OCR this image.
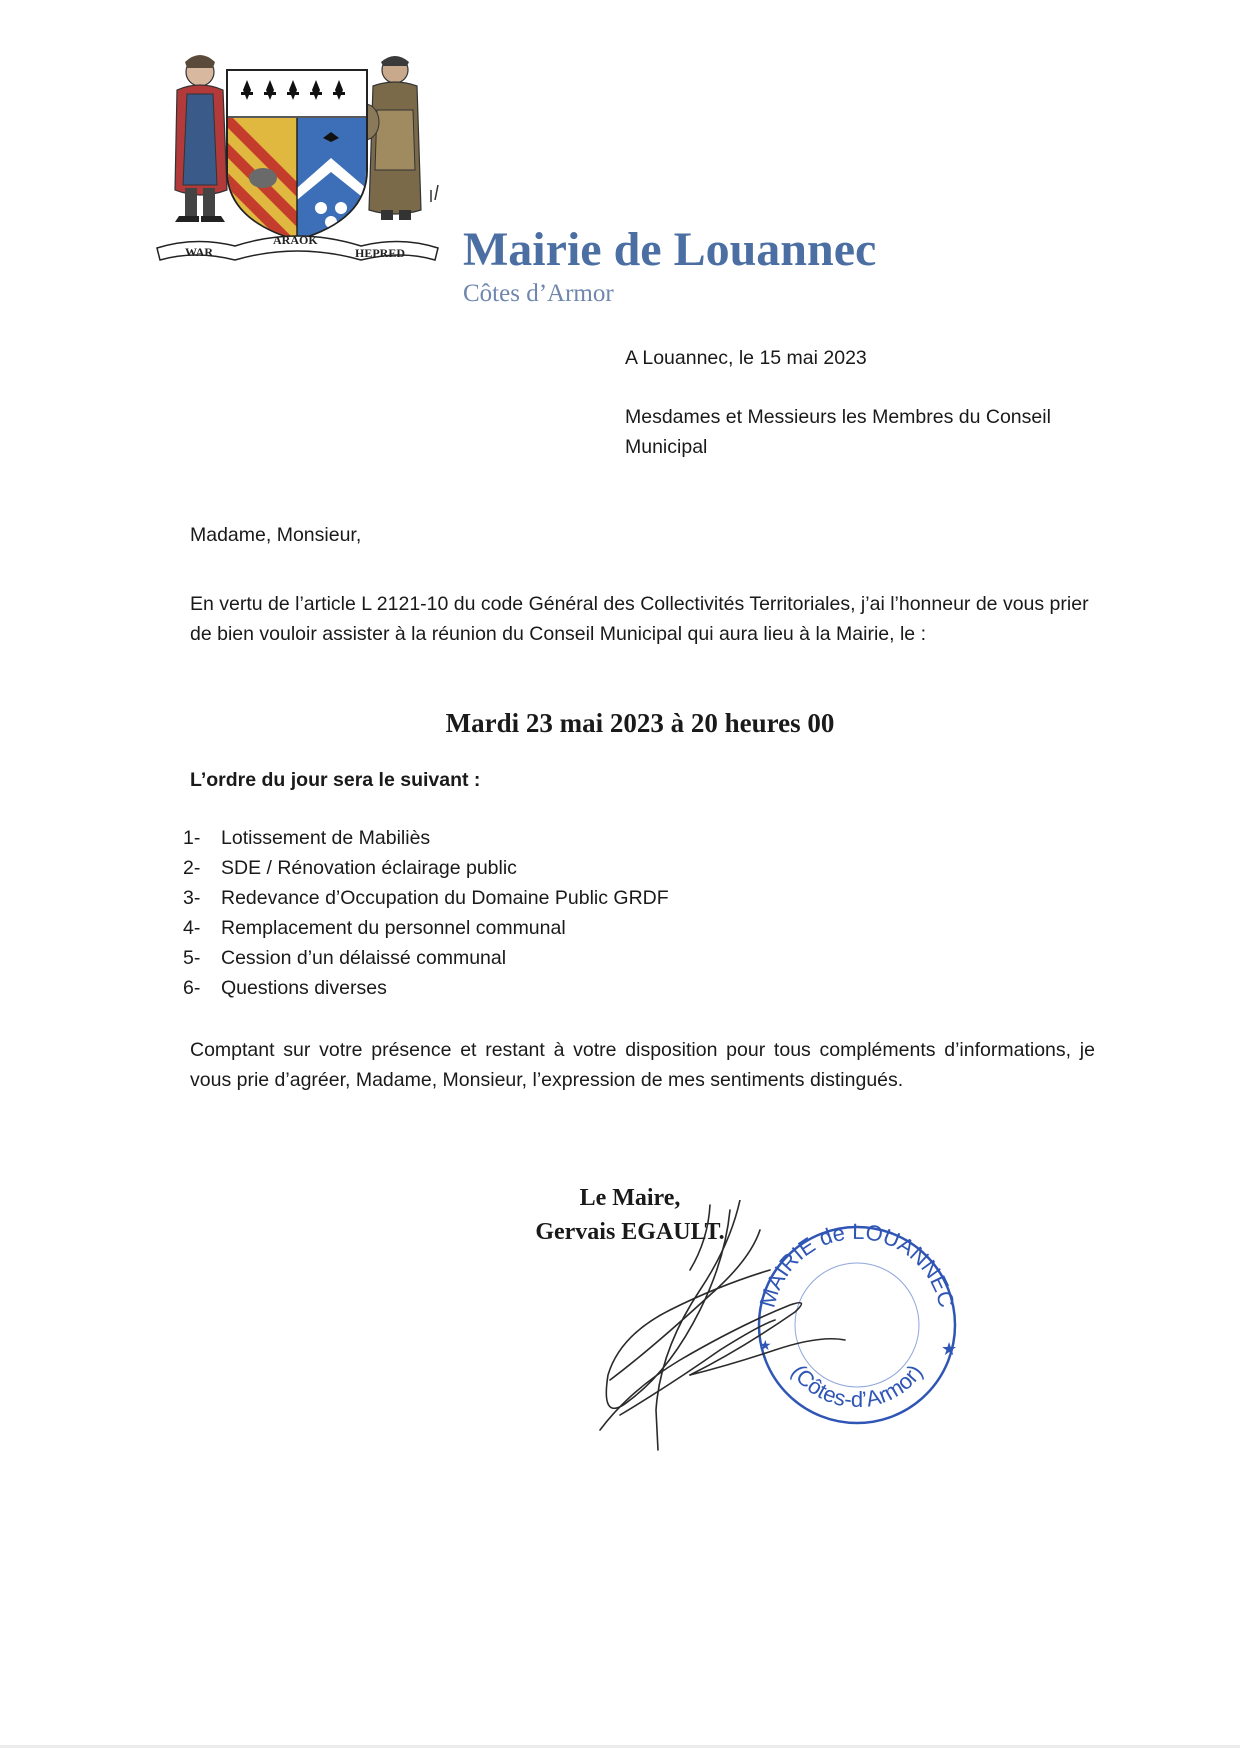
WAR
ARAOK
HEPRED Mairie de Louannec
Côtes d’Armor
A Louannec, le 15 mai 2023
Mesdames et Messieurs les Membres du Conseil Municipal
Madame, Monsieur,
En vertu de l’article L 2121-10 du code Général des Collectivités Territoriales, j’ai l’honneur de vous prier de bien vouloir assister à la réunion du Conseil Municipal qui aura lieu à la Mairie, le :
Mardi 23 mai 2023 à 20 heures 00
L’ordre du jour sera le suivant :
1- Lotissement de Mabiliès
2- SDE / Rénovation éclairage public
3- Redevance d’Occupation du Domaine Public GRDF
4- Remplacement du personnel communal
5- Cession d’un délaissé communal
6- Questions diverses
Comptant sur votre présence et restant à votre disposition pour tous compléments d’informations, je vous prie d’agréer, Madame, Monsieur, l’expression de mes sentiments distingués.
Le Maire,
Gervais EGAULT.
MAIRIE de LOUANNEC
(Côtes-d’Armor)
★
★
